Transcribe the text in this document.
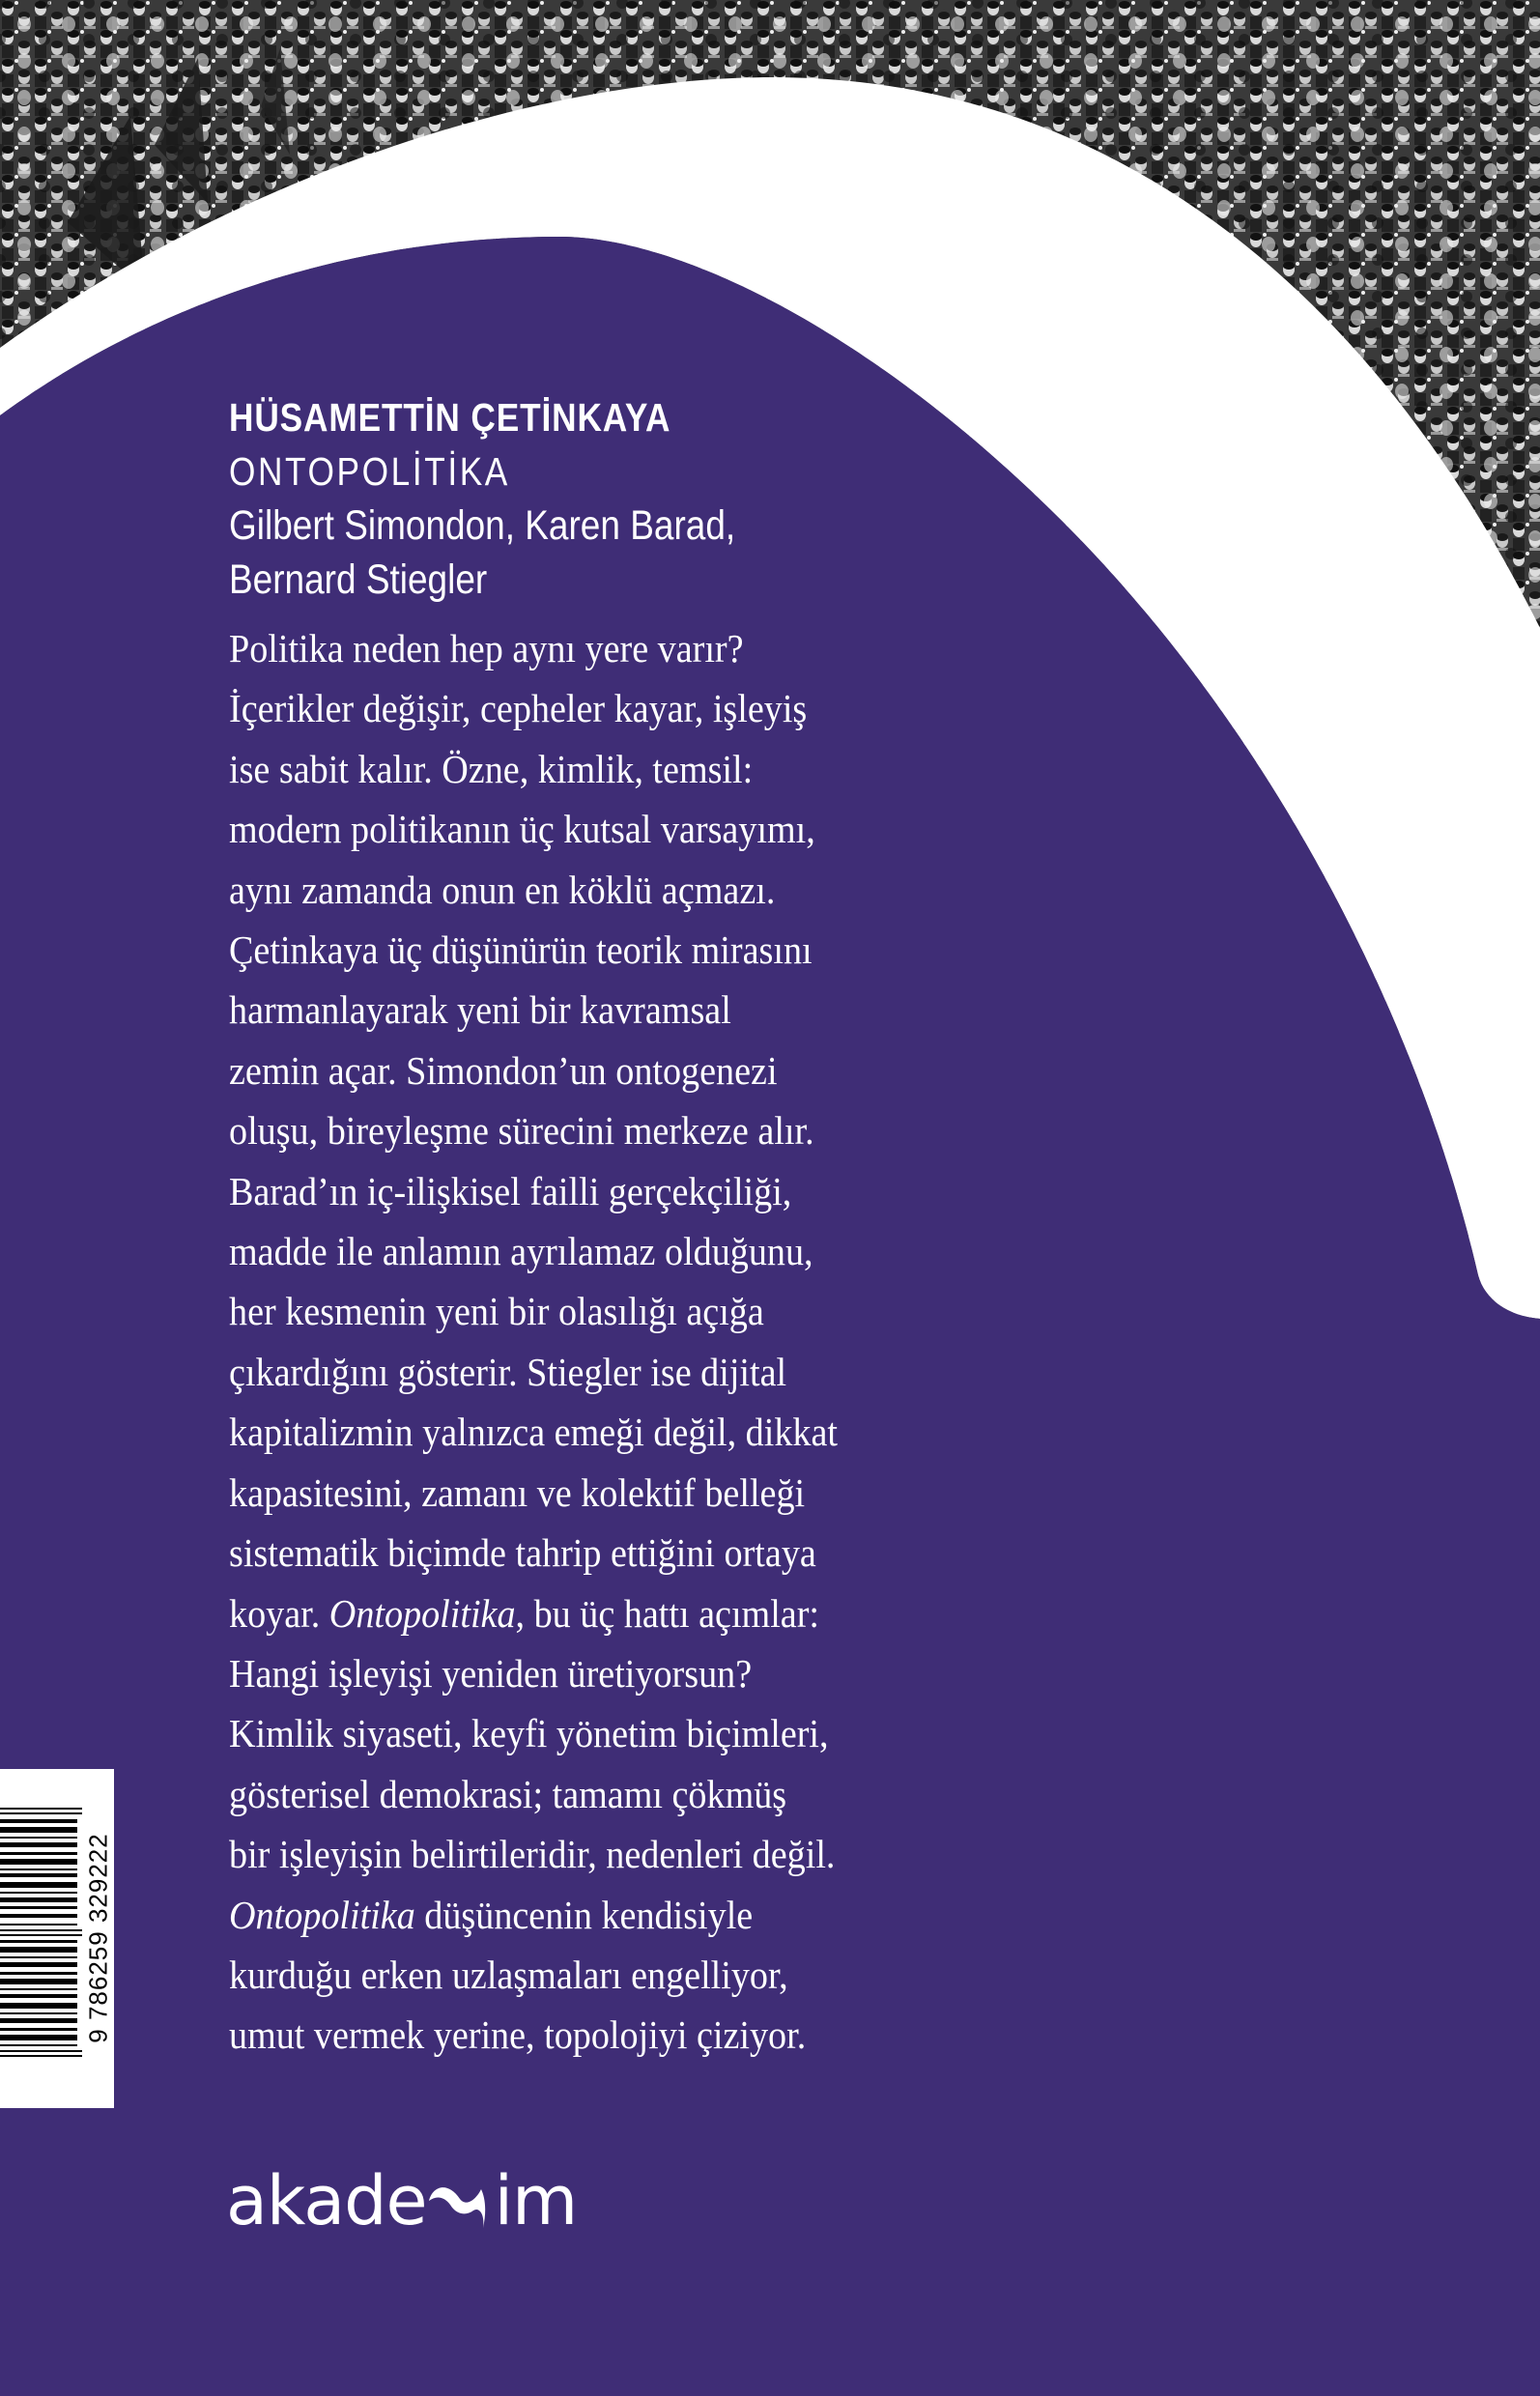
HÜSAMETTİN ÇETİNKAYA
ONTOPOLİTİKA
Gilbert Simondon, Karen Barad,
Bernard Stiegler
Politika neden hep aynı yere varır?
İçerikler değişir, cepheler kayar, işleyiş
ise sabit kalır. Özne, kimlik, temsil:
modern politikanın üç kutsal varsayımı,
aynı zamanda onun en köklü açmazı.
Çetinkaya üç düşünürün teorik mirasını
harmanlayarak yeni bir kavramsal
zemin açar. Simondon’un ontogenezi
oluşu, bireyleşme sürecini merkeze alır.
Barad’ın iç-ilişkisel failli gerçekçiliği,
madde ile anlamın ayrılamaz olduğunu,
her kesmenin yeni bir olasılığı açığa
çıkardığını gösterir. Stiegler ise dijital
kapitalizmin yalnızca emeği değil, dikkat
kapasitesini, zamanı ve kolektif belleği
sistematik biçimde tahrip ettiğini ortaya
koyar. Ontopolitika, bu üç hattı açımlar:
Hangi işleyişi yeniden üretiyorsun?
Kimlik siyaseti, keyfi yönetim biçimleri,
gösterisel demokrasi; tamamı çökmüş
bir işleyişin belirtileridir, nedenleri değil.
Ontopolitika düşüncenin kendisiyle
kurduğu erken uzlaşmaları engelliyor,
umut vermek yerine, topolojiyi çiziyor.
9 786259 329222
akade im
